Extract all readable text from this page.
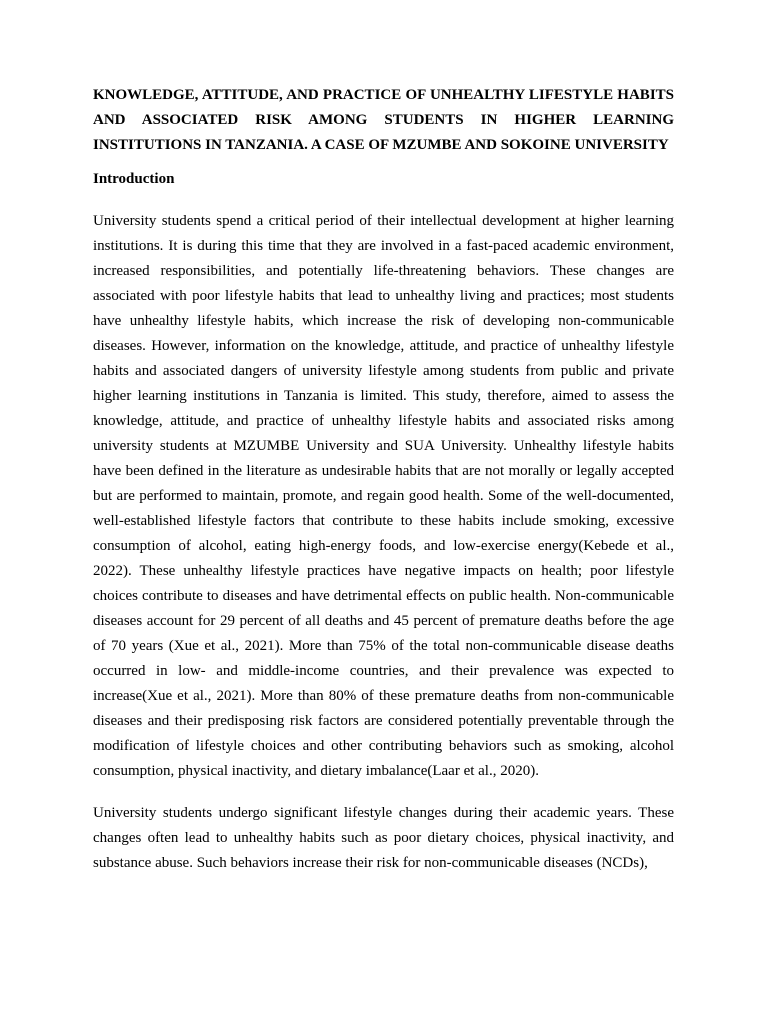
KNOWLEDGE, ATTITUDE, AND PRACTICE OF UNHEALTHY LIFESTYLE HABITS AND ASSOCIATED RISK AMONG STUDENTS IN HIGHER LEARNING INSTITUTIONS IN TANZANIA. A CASE OF MZUMBE AND SOKOINE UNIVERSITY

Introduction

University students spend a critical period of their intellectual development at higher learning institutions. It is during this time that they are involved in a fast-paced academic environment, increased responsibilities, and potentially life-threatening behaviors. These changes are associated with poor lifestyle habits that lead to unhealthy living and practices; most students have unhealthy lifestyle habits, which increase the risk of developing non-communicable diseases. However, information on the knowledge, attitude, and practice of unhealthy lifestyle habits and associated dangers of university lifestyle among students from public and private higher learning institutions in Tanzania is limited. This study, therefore, aimed to assess the knowledge, attitude, and practice of unhealthy lifestyle habits and associated risks among university students at MZUMBE University and SUA University. Unhealthy lifestyle habits have been defined in the literature as undesirable habits that are not morally or legally accepted but are performed to maintain, promote, and regain good health. Some of the well-documented, well-established lifestyle factors that contribute to these habits include smoking, excessive consumption of alcohol, eating high-energy foods, and low-exercise energy(Kebede et al., 2022). These unhealthy lifestyle practices have negative impacts on health; poor lifestyle choices contribute to diseases and have detrimental effects on public health. Non-communicable diseases account for 29 percent of all deaths and 45 percent of premature deaths before the age of 70 years (Xue et al., 2021). More than 75% of the total non-communicable disease deaths occurred in low- and middle-income countries, and their prevalence was expected to increase(Xue et al., 2021). More than 80% of these premature deaths from non-communicable diseases and their predisposing risk factors are considered potentially preventable through the modification of lifestyle choices and other contributing behaviors such as smoking, alcohol consumption, physical inactivity, and dietary imbalance(Laar et al., 2020).

University students undergo significant lifestyle changes during their academic years. These changes often lead to unhealthy habits such as poor dietary choices, physical inactivity, and substance abuse. Such behaviors increase their risk for non-communicable diseases (NCDs),
